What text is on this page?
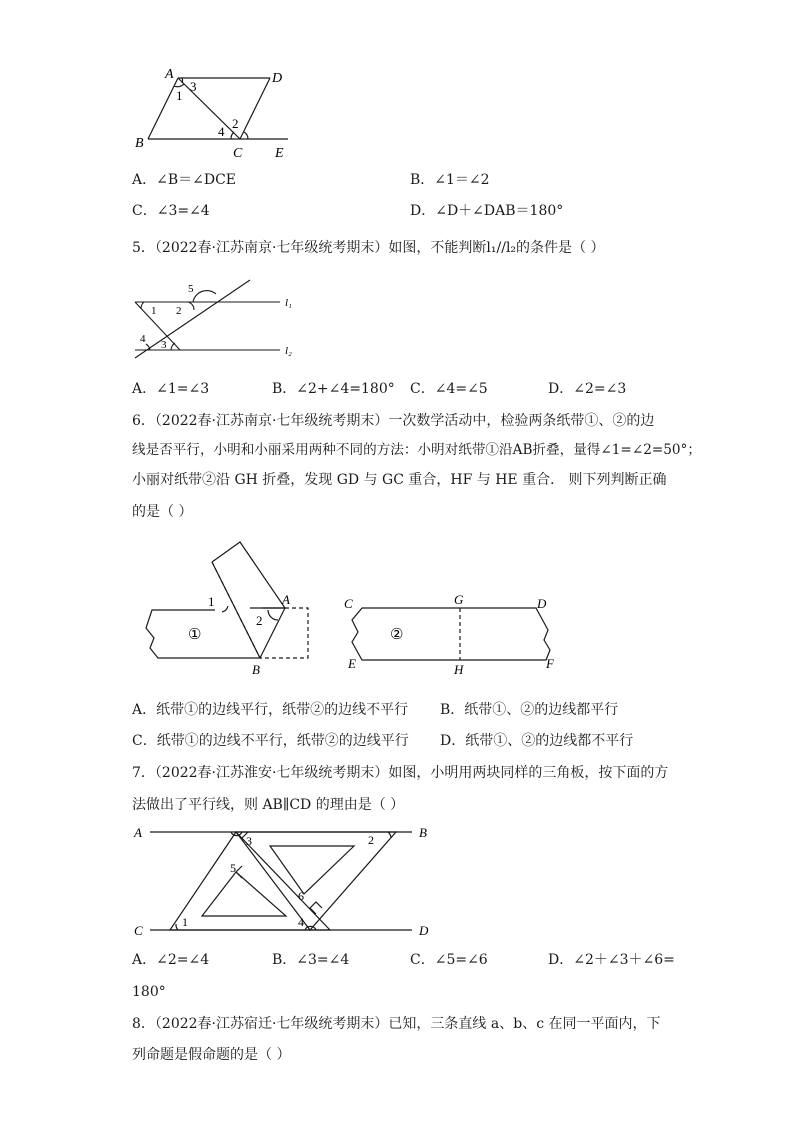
A	D
B
C E
1
3
4
2
A．∠B＝∠DCE	B．∠1＝∠2
C．∠3=∠4	D．∠D＋∠DAB＝180°
5．（2022春·江苏南京·七年级统考期末）如图，不能判断l₁//l₂的条件是（ ）
1 2
3
4
5
l₁
l₂
A．∠1=∠3	B．∠2+∠4=180° C．∠4=∠5	D．∠2=∠3
6．（2022春·江苏南京·七年级统考期末）一次数学活动中，检验两条纸带①、②的边
线是否平行，小明和小丽采用两种不同的方法：小明对纸带①沿AB折叠，量得∠1=∠2=50°；
小丽对纸带②沿 GH 折叠，发现 GD 与 GC 重合，HF 与 HE 重合． 则下列判断正确
的是（ ）
①
1
2
A
B
②
C	G	D
E	H	F
A．纸带①的边线平行，纸带②的边线不平行 B．纸带①、②的边线都平行
C．纸带①的边线不平行，纸带②的边线平行 D．纸带①、②的边线都不平行
7．（2022春·江苏淮安·七年级统考期末）如图，小明用两块同样的三角板，按下面的方
法做出了平行线，则 AB∥CD 的理由是（ ）
A	B
C	D
1
2
3
4
5
6
A．∠2=∠4	B．∠3=∠4	C．∠5=∠6	D．∠2＋∠3＋∠6=
180°
8．（2022春·江苏宿迁·七年级统考期末）已知，三条直线 a、b、c 在同一平面内，下
列命题是假命题的是（ ）
